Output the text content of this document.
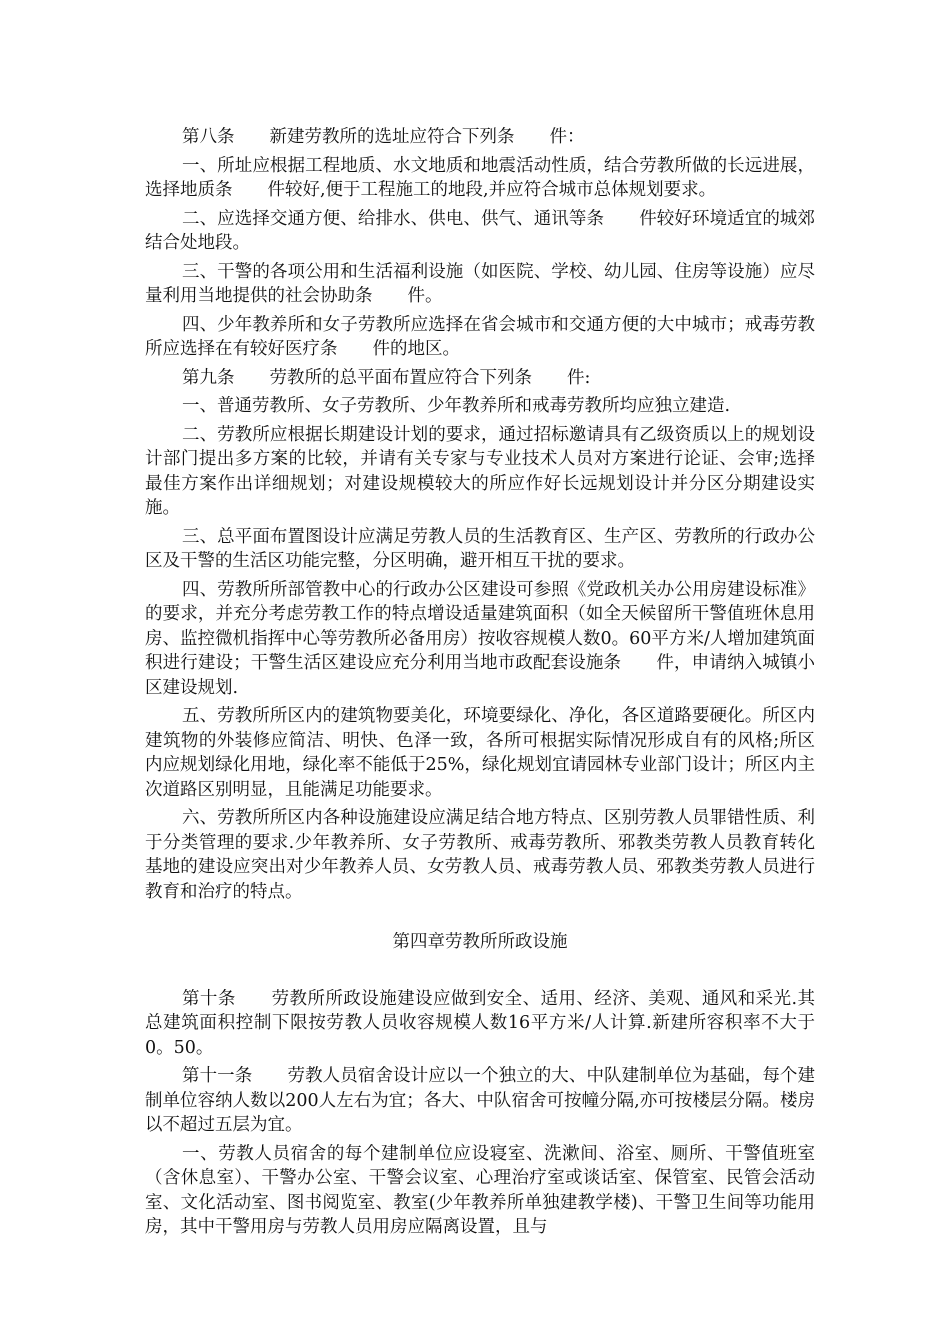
第八条　　新建劳教所的选址应符合下列条　　件：

一、所址应根据工程地质、水文地质和地震活动性质，结合劳教所做的长远进展，选择地质条　　件较好,便于工程施工的地段,并应符合城市总体规划要求。

二、应选择交通方便、给排水、供电、供气、通讯等条　　件较好环境适宜的城郊结合处地段。

三、干警的各项公用和生活福利设施（如医院、学校、幼儿园、住房等设施）应尽量利用当地提供的社会协助条　　件。

四、少年教养所和女子劳教所应选择在省会城市和交通方便的大中城市；戒毒劳教所应选择在有较好医疗条　　件的地区。

第九条　　劳教所的总平面布置应符合下列条　　件:

一、普通劳教所、女子劳教所、少年教养所和戒毒劳教所均应独立建造.

二、劳教所应根据长期建设计划的要求，通过招标邀请具有乙级资质以上的规划设计部门提出多方案的比较，并请有关专家与专业技术人员对方案进行论证、会审;选择最佳方案作出详细规划；对建设规模较大的所应作好长远规划设计并分区分期建设实施。

三、总平面布置图设计应满足劳教人员的生活教育区、生产区、劳教所的行政办公区及干警的生活区功能完整，分区明确，避开相互干扰的要求。

四、劳教所所部管教中心的行政办公区建设可参照《党政机关办公用房建设标准》的要求，并充分考虑劳教工作的特点增设适量建筑面积（如全天候留所干警值班休息用房、监控微机指挥中心等劳教所必备用房）按收容规模人数0。60平方米/人增加建筑面积进行建设；干警生活区建设应充分利用当地市政配套设施条　　件，申请纳入城镇小区建设规划.

五、劳教所所区内的建筑物要美化，环境要绿化、净化，各区道路要硬化。所区内建筑物的外装修应简洁、明快、色泽一致，各所可根据实际情况形成自有的风格;所区内应规划绿化用地，绿化率不能低于25%，绿化规划宜请园林专业部门设计；所区内主次道路区别明显，且能满足功能要求。

六、劳教所所区内各种设施建设应满足结合地方特点、区别劳教人员罪错性质、利于分类管理的要求.少年教养所、女子劳教所、戒毒劳教所、邪教类劳教人员教育转化基地的建设应突出对少年教养人员、女劳教人员、戒毒劳教人员、邪教类劳教人员进行教育和治疗的特点。

第四章劳教所所政设施

第十条　　劳教所所政设施建设应做到安全、适用、经济、美观、通风和采光.其总建筑面积控制下限按劳教人员收容规模人数16平方米/人计算.新建所容积率不大于0。50。

第十一条　　劳教人员宿舍设计应以一个独立的大、中队建制单位为基础，每个建制单位容纳人数以200人左右为宜；各大、中队宿舍可按幢分隔,亦可按楼层分隔。楼房以不超过五层为宜。

一、劳教人员宿舍的每个建制单位应设寝室、洗漱间、浴室、厕所、干警值班室（含休息室）、干警办公室、干警会议室、心理治疗室或谈话室、保管室、民管会活动室、文化活动室、图书阅览室、教室(少年教养所单独建教学楼)、干警卫生间等功能用房，其中干警用房与劳教人员用房应隔离设置，且与
